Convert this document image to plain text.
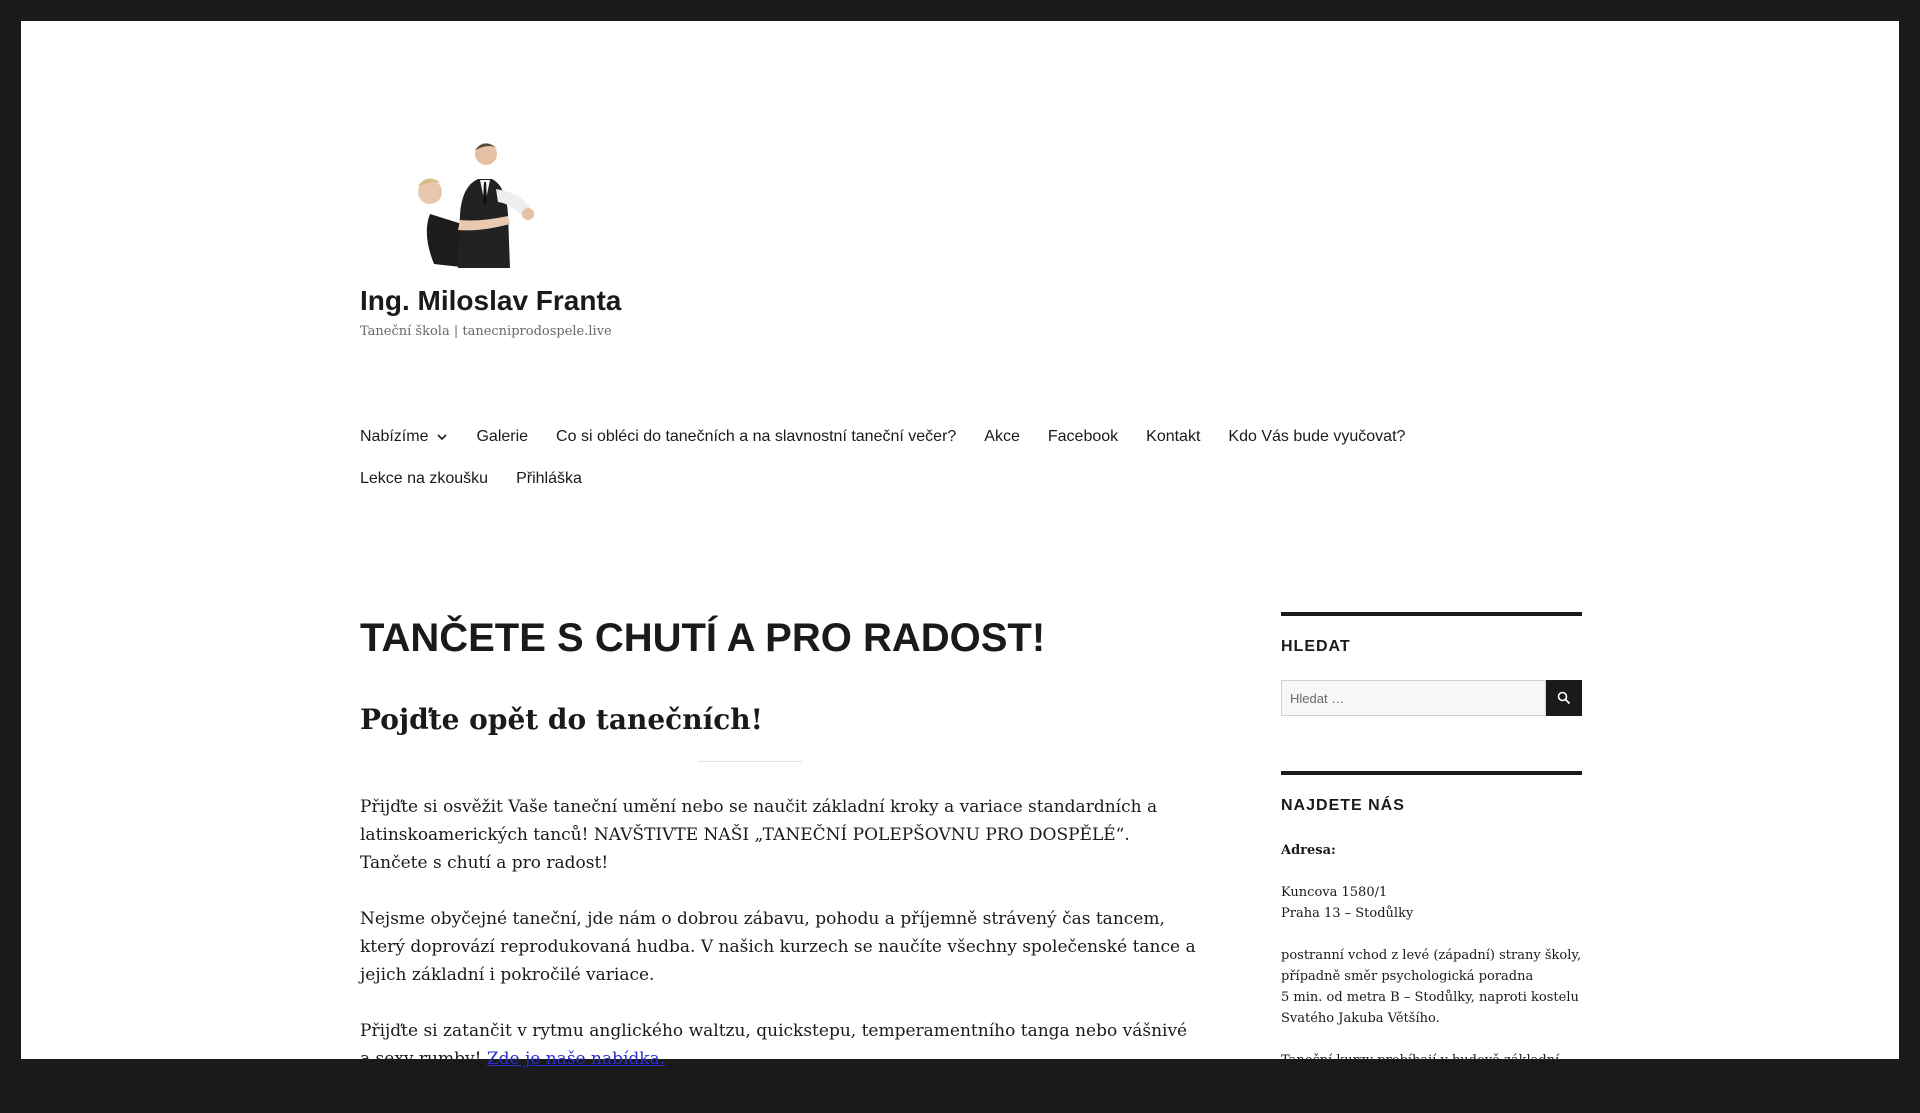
Ing. Miloslav Franta
Taneční škola | tanecniprodospele.live
Nabízíme	Galerie Co si obléci do tanečních a na slavnostní taneční večer? Akce Facebook Kontakt Kdo Vás bude vyučovat?
Lekce na zkoušku Přihláška
TANČETE S CHUTÍ A PRO RADOST!
Pojďte opět do tanečních!

Přijďte si osvěžit Vaše taneční umění nebo se naučit základní kroky a variace standardních a latinskoamerických tanců! NAVŠTIVTE NAŠI „TANEČNÍ POLEPŠOVNU PRO DOSPĚLÉ“. Tančete s chutí a pro radost!

Nejsme obyčejné taneční, jde nám o dobrou zábavu, pohodu a příjemně strávený čas tancem, který doprovází reprodukovaná hudba. V našich kurzech se naučíte všechny společenské tance a jejich základní i pokročilé variace.

Přijďte si zatančit v rytmu anglického waltzu, quickstepu, temperamentního tanga nebo vášnivé a sexy rumby! Zde je naše nabídka.

HLEDAT
Hledat …
NAJDETE NÁS
Adresa:
Kuncova 1580/1
Praha 13 – Stodůlky
postranní vchod z levé (západní) strany školy,
případně směr psychologická poradna
5 min. od metra B – Stodůlky, naproti kostelu
Svatého Jakuba Většího.
Taneční kurzy probíhají v budově základní
školy, která se ve večerních hodinách zamyká.
